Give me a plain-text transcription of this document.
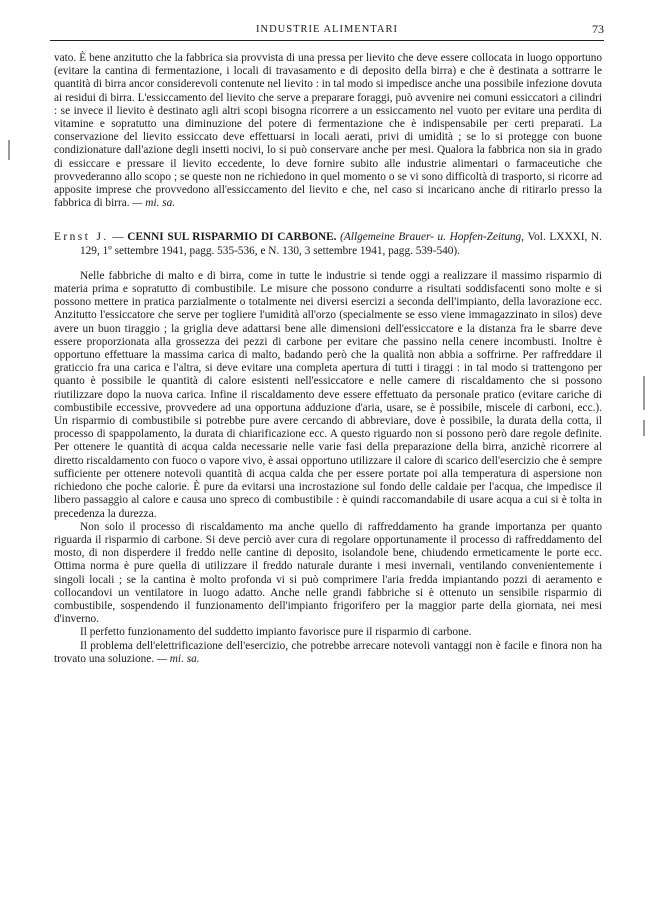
INDUSTRIE ALIMENTARI	73

vato. È bene anzitutto che la fabbrica sia provvista di una pressa per lievito che deve essere collocata in luogo opportuno (evitare la cantina di fermentazione, i locali di travasamento e di deposito della birra) e che è destinata a sottrarre le quantità di birra ancor considerevoli contenute nel lievito : in tal modo si impedisce anche una possibile infezione dovuta ai residui di birra. L'essiccamento del lievito che serve a preparare foraggi, può avvenire nei comuni essiccatori a cilindri : se invece il lievito è destinato agli altri scopi bisogna ricorrere a un essiccamento nel vuoto per evitare una perdita di vitamine e sopratutto una diminuzione del potere di fermentazione che è indispensabile per certi preparati. La conservazione del lievito essiccato deve effettuarsi in locali aerati, privi di umidità ; se lo si protegge con buone condizionature dall'azione degli insetti nocivi, lo si può conservare anche per mesi. Qualora la fabbrica non sia in grado di essiccare e pressare il lievito eccedente, lo deve fornire subito alle industrie alimentari o farmaceutiche che provvederanno allo scopo ; se queste non ne richiedono in quel momento o se vi sono difficoltà di trasporto, si ricorre ad apposite imprese che provvedono all'essiccamento del lievito e che, nel caso si incaricano anche di ritirarlo presso la fabbrica di birra. — mi. sa.

Ernst J. — CENNI SUL RISPARMIO DI CARBONE. (Allgemeine Brauer- u. Hopfen-Zeitung, Vol. LXXXI, N. 129, 1º settembre 1941, pagg. 535-536, e N. 130, 3 settembre 1941, pagg. 539-540).

Nelle fabbriche di malto e di birra, come in tutte le industrie si tende oggi a realizzare il massimo risparmio di materia prima e sopratutto di combustibile. Le misure che possono condurre a risultati soddisfacenti sono molte e si possono mettere in pratica parzialmente o totalmente nei diversi esercizi a seconda dell'impianto, della lavorazione ecc. Anzitutto l'essiccatore che serve per togliere l'umidità all'orzo (specialmente se esso viene immagazzinato in silos) deve avere un buon tiraggio ; la griglia deve adattarsi bene alle dimensioni dell'essiccatore e la distanza fra le sbarre deve essere proporzionata alla grossezza dei pezzi di carbone per evitare che passino nella cenere incombusti. Inoltre è opportuno effettuare la massima carica di malto, badando però che la qualità non abbia a soffrirne. Per raffreddare il graticcio fra una carica e l'altra, si deve evitare una completa apertura di tutti i tiraggi : in tal modo si trattengono per quanto è possibile le quantità di calore esistenti nell'essiccatore e nelle camere di riscaldamento che si possono riutilizzare dopo la nuova carica. Infine il riscaldamento deve essere effettuato da personale pratico (evitare cariche di combustibile eccessive, provvedere ad una opportuna adduzione d'aria, usare, se è possibile, miscele di carboni, ecc.). Un risparmio di combustibile si potrebbe pure avere cercando di abbreviare, dove è possibile, la durata della cotta, il processo di spappolamento, la durata di chiarificazione ecc. A questo riguardo non si possono però dare regole definite. Per ottenere le quantità di acqua calda necessarie nelle varie fasi della preparazione della birra, anzichè ricorrere al diretto riscaldamento con fuoco o vapore vivo, è assai opportuno utilizzare il calore di scarico dell'esercizio che è sempre sufficiente per ottenere notevoli quantità di acqua calda che per essere portate poi alla temperatura di aspersione non richiedono che poche calorie. È pure da evitarsi una incrostazione sul fondo delle caldaie per l'acqua, che impedisce il libero passaggio al calore e causa uno spreco di combustibile : è quindi raccomandabile di usare acqua a cui si è tolta in precedenza la durezza.

Non solo il processo di riscaldamento ma anche quello di raffreddamento ha grande importanza per quanto riguarda il risparmio di carbone. Si deve perciò aver cura di regolare opportunamente il processo di raffreddamento del mosto, di non disperdere il freddo nelle cantine di deposito, isolandole bene, chiudendo ermeticamente le porte ecc. Ottima norma è pure quella di utilizzare il freddo naturale durante i mesi invernali, ventilando convenientemente i singoli locali ; se la cantina è molto profonda vi si può comprimere l'aria fredda impiantando pozzi di aeramento e collocandovi un ventilatore in luogo adatto. Anche nelle grandi fabbriche si è ottenuto un sensibile risparmio di combustibile, sospendendo il funzionamento dell'impianto frigorifero per la maggior parte della giornata, nei mesi d'inverno.

Il perfetto funzionamento del suddetto impianto favorisce pure il risparmio di carbone.

Il problema dell'elettrificazione dell'esercizio, che potrebbe arrecare notevoli vantaggi non è facile e finora non ha trovato una soluzione. — mi. sa.
